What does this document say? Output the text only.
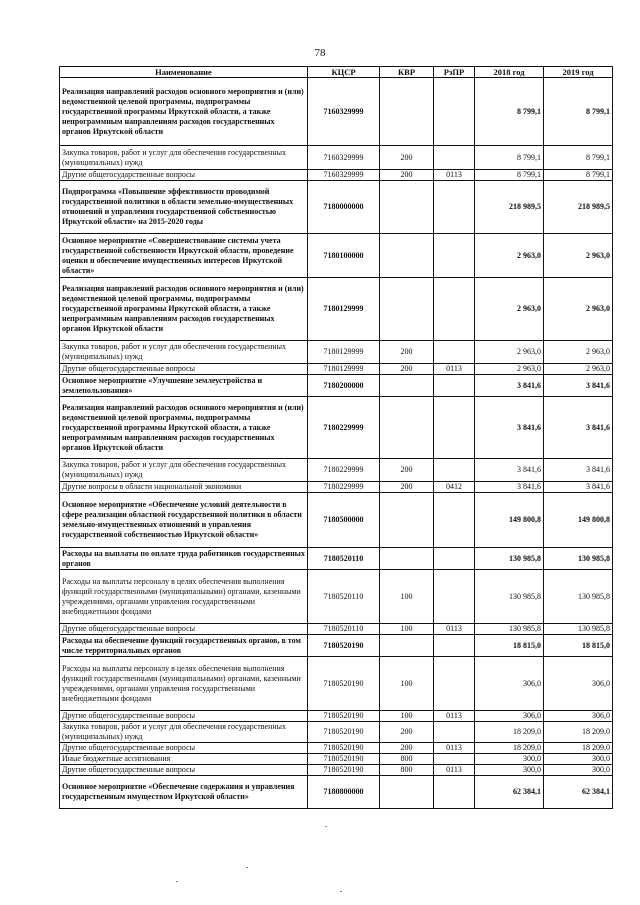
78
Наименование	КЦСР	КВР	РзПР	2018 год	2019 год
Реализация направлений расходов основного мероприятия и (или) ведомственной целевой программы, подпрограммы государственной программы Иркутской области, а также непрограммным направлениям расходов государственных органов Иркутской области	7160329999			8 799,1	8 799,1
Закупка товаров, работ и услуг для обеспечения государственных (муниципальных) нужд	7160329999	200		8 799,1	8 799,1
Другие общегосударственные вопросы	7160329999	200	0113	8 799,1	8 799,1
Подпрограмма «Повышение эффективности проводимой государственной политики в области земельно-имущественных отношений и управления государственной собственностью Иркутской области» на 2015-2020 годы	7180000000			218 989,5	218 989,5
Основное мероприятие «Совершенствование системы учета государственной собственности Иркутской области, проведение оценки и обеспечение имущественных интересов Иркутской области»	7180100000			2 963,0	2 963,0
Реализация направлений расходов основного мероприятия и (или) ведомственной целевой программы, подпрограммы государственной программы Иркутской области, а также непрограммным направлениям расходов государственных органов Иркутской области	7180129999			2 963,0	2 963,0
Закупка товаров, работ и услуг для обеспечения государственных (муниципальных) нужд	7180129999	200		2 963,0	2 963,0
Другие общегосударственные вопросы	7180129999	200	0113	2 963,0	2 963,0
Основное мероприятие «Улучшение землеустройства и землепользования»	7180200000			3 841,6	3 841,6
Реализация направлений расходов основного мероприятия и (или) ведомственной целевой программы, подпрограммы государственной программы Иркутской области, а также непрограммным направлениям расходов государственных органов Иркутской области	7180229999			3 841,6	3 841,6
Закупка товаров, работ и услуг для обеспечения государственных (муниципальных) нужд	7180229999	200		3 841,6	3 841,6
Другие вопросы в области национальной экономики	7180229999	200	0412	3 841,6	3 841,6
Основное мероприятие «Обеспечение условий деятельности в сфере реализации областной государственной политики в области земельно-имущественных отношений и управления государственной собственностью Иркутской области»	7180500000			149 800,8	149 800,8
Расходы на выплаты по оплате труда работников государственных органов	7180520110			130 985,8	130 985,8
Расходы на выплаты персоналу в целях обеспечения выполнения функций государственными (муниципальными) органами, казенными учреждениями, органами управления государственными внебюджетными фондами	7180520110	100		130 985,8	130 985,8
Другие общегосударственные вопросы	7180520110	100	0113	130 985,8	130 985,8
Расходы на обеспечение функций государственных органов, в том числе территориальных органов	7180520190			18 815,0	18 815,0
Расходы на выплаты персоналу в целях обеспечения выполнения функций государственными (муниципальными) органами, казенными учреждениями, органами управления государственными внебюджетными фондами	7180520190	100		306,0	306,0
Другие общегосударственные вопросы	7180520190	100	0113	306,0	306,0
Закупка товаров, работ и услуг для обеспечения государственных (муниципальных) нужд	7180520190	200		18 209,0	18 209,0
Другие общегосударственные вопросы	7180520190	200	0113	18 209,0	18 209,0
Иные бюджетные ассигнования	7180520190	800		300,0	300,0
Другие общегосударственные вопросы	7180520190	800	0113	300,0	300,0
Основное мероприятие «Обеспечение содержания и управления государственным имуществом Иркутской области»	7180800000			62 384,1	62 384,1
